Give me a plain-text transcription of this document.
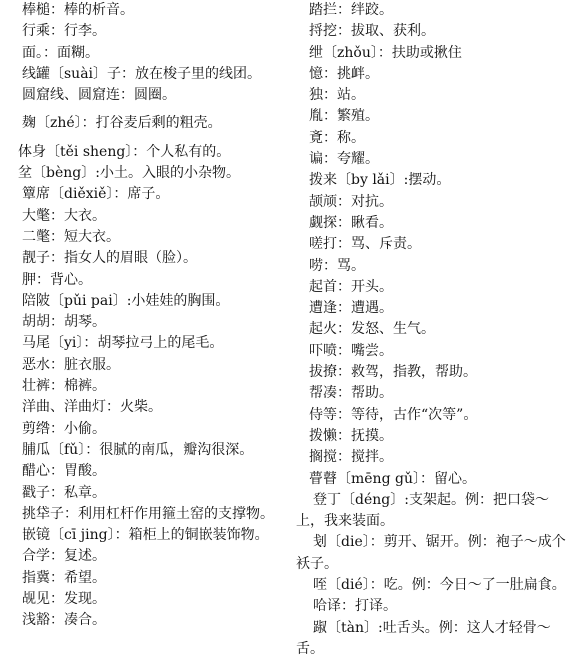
棒槌：棒的析音。
行乘：行李。
面。：面糊。
线罐〔suài〕子：放在梭子里的线团。
圆窟线、圆窟连：圆圈。
麹〔zhé〕：打谷麦后剩的粗壳。
体身〔těi sheng〕：个人私有的。
坌〔bèng〕:小土。入眼的小杂物。
簟席〔diěxiě〕：席子。
大氅：大衣。
二氅：短大衣。
靓子：指女人的眉眼（脸）。
胛：背心。
陪陂〔pǔi pai〕:小娃娃的胸围。
胡胡：胡琴。
马尾〔yi〕：胡琴拉弓上的尾毛。
恶水：脏衣服。
壮裤：棉裤。
洋曲、洋曲灯：火柴。
剪绺：小偷。
脯瓜〔fǔ〕：很腻的南瓜，瓣沟很深。
醋心：胃酸。
戳子：私章。
挑牮子：利用杠杆作用箍土窑的支撑物。
嵌镜〔cī jing〕：箱柜上的铜嵌装饰物。
合学：复述。
指冀：希望。
觇见：发现。
浅豁：凑合。
踏拦：绊跤。
捋挖：拔取、获利。
绁〔zhǒu〕：扶助或揪住
憶：挑衅。
独：站。
胤：繁殖。
斍：称。
谝：夸耀。
拨来〔by lǎi〕:摆动。
颉颃：对抗。
觑探：瞅看。
嗟打：骂、斥责。
唠：骂。
起首：开头。
遭逢：遭遇。
起火：发怒、生气。
吓喷：嘴尝。
拔撩：救驾，指教，帮助。
帮凑：帮助。
侍等：等待，古作“次等”。
拨懒：抚摸。
搁搅：搅拌。
瞢瞽〔mēng gǔ〕：留心。
登丁〔déng〕:支架起。例：把口袋～上，我来装面。
刬〔die〕：剪开、锯开。例：袍子～成个袄子。
咥〔dié〕：吃。例：今日～了一肚扁食。
哈译：打译。
踧〔tàn〕:吐舌头。例：这人才轻骨～舌。
